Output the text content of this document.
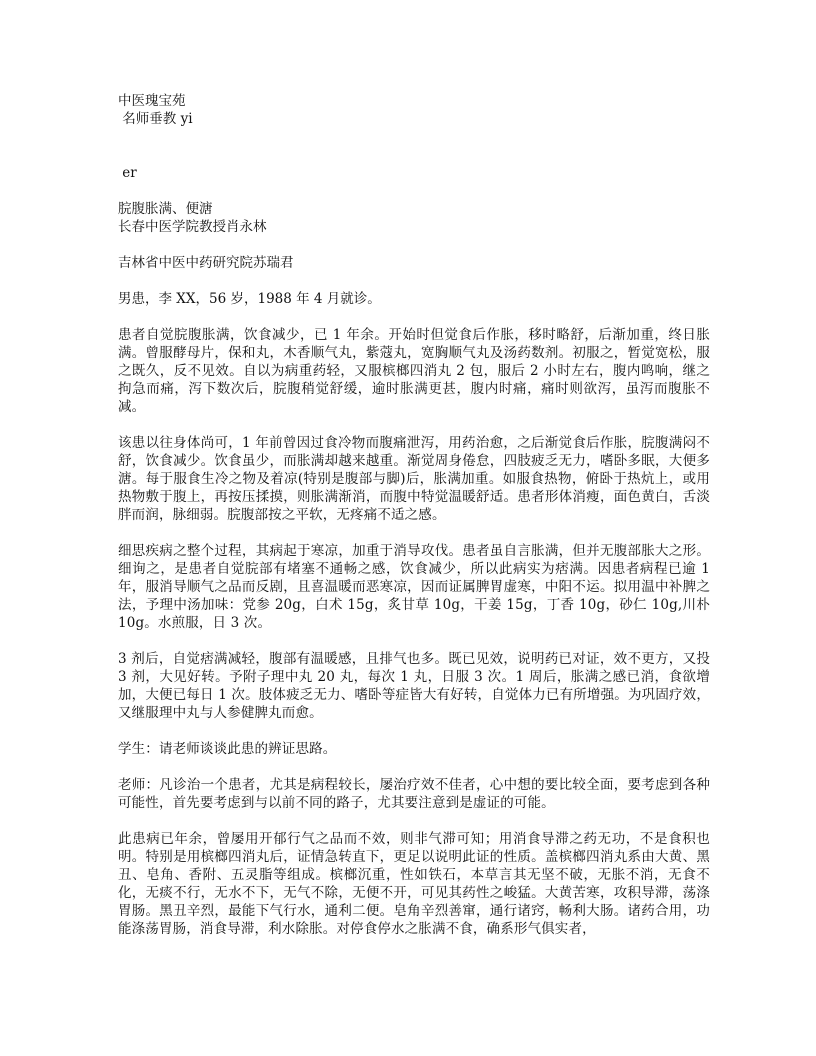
中医瑰宝苑
名师垂教 yi
er
脘腹胀满、便溏
长春中医学院教授肖永林
吉林省中医中药研究院苏瑞君
男患，李 XX，56 岁，1988 年 4 月就诊。
患者自觉脘腹胀满，饮食减少，已 1 年余。开始时但觉食后作胀，移时略舒，后渐加重，终日胀满。曾服酵母片，保和丸，木香顺气丸，紫蔻丸，宽胸顺气丸及汤药数剂。初服之，暂觉宽松，服之既久，反不见效。自以为病重药轻，又服槟榔四消丸 2 包，服后 2 小时左右，腹内鸣响，继之拘急而痛，泻下数次后，脘腹稍觉舒缓，逾时胀满更甚，腹内时痛，痛时则欲泻，虽泻而腹胀不减。
该患以往身体尚可，1 年前曾因过食冷物而腹痛泄泻，用药治愈，之后渐觉食后作胀，脘腹满闷不舒，饮食减少。饮食虽少，而胀满却越来越重。渐觉周身倦怠，四肢疲乏无力，嗜卧多眠，大便多溏。每于服食生冷之物及着凉(特别是腹部与脚)后，胀满加重。如服食热物，俯卧于热炕上，或用热物敷于腹上，再按压揉摸，则胀满渐消，而腹中特觉温暖舒适。患者形体消瘦，面色黄白，舌淡胖而润，脉细弱。脘腹部按之平软，无疼痛不适之感。
细思疾病之整个过程，其病起于寒凉，加重于消导攻伐。患者虽自言胀满，但并无腹部胀大之形。细询之，是患者自觉脘部有堵塞不通畅之感，饮食减少，所以此病实为痞满。因患者病程已逾 1 年，服消导顺气之品而反剧，且喜温暖而恶寒凉，因而证属脾胃虚寒，中阳不运。拟用温中补脾之法，予理中汤加味：党参 20g，白术 15g，炙甘草 10g，干姜 15g，丁香 10g，砂仁 10g,川朴 10g。水煎服，日 3 次。
3 剂后，自觉痞满减轻，腹部有温暖感，且排气也多。既已见效，说明药已对证，效不更方，又投 3 剂，大见好转。予附子理中丸 20 丸，每次 1 丸，日服 3 次。1 周后，胀满之感已消，食欲增加，大便已每日 1 次。肢体疲乏无力、嗜卧等症皆大有好转，自觉体力已有所增强。为巩固疗效，又继服理中丸与人参健脾丸而愈。
学生：请老师谈谈此患的辨证思路。
老师：凡诊治一个患者，尤其是病程较长，屡治疗效不佳者，心中想的要比较全面，要考虑到各种可能性，首先要考虑到与以前不同的路子，尤其要注意到是虚证的可能。
此患病已年余，曾屡用开郁行气之品而不效，则非气滞可知；用消食导滞之药无功，不是食积也明。特别是用槟榔四消丸后，证情急转直下，更足以说明此证的性质。盖槟榔四消丸系由大黄、黑丑、皂角、香附、五灵脂等组成。槟榔沉重，性如铁石，本草言其无坚不破，无胀不消，无食不化，无痰不行，无水不下，无气不除，无便不开，可见其药性之峻猛。大黄苦寒，攻积导滞，荡涤胃肠。黑丑辛烈，最能下气行水，通利二便。皂角辛烈善窜，通行诸窍，畅利大肠。诸药合用，功能涤荡胃肠，消食导滞，利水除胀。对停食停水之胀满不食，确系形气俱实者，
